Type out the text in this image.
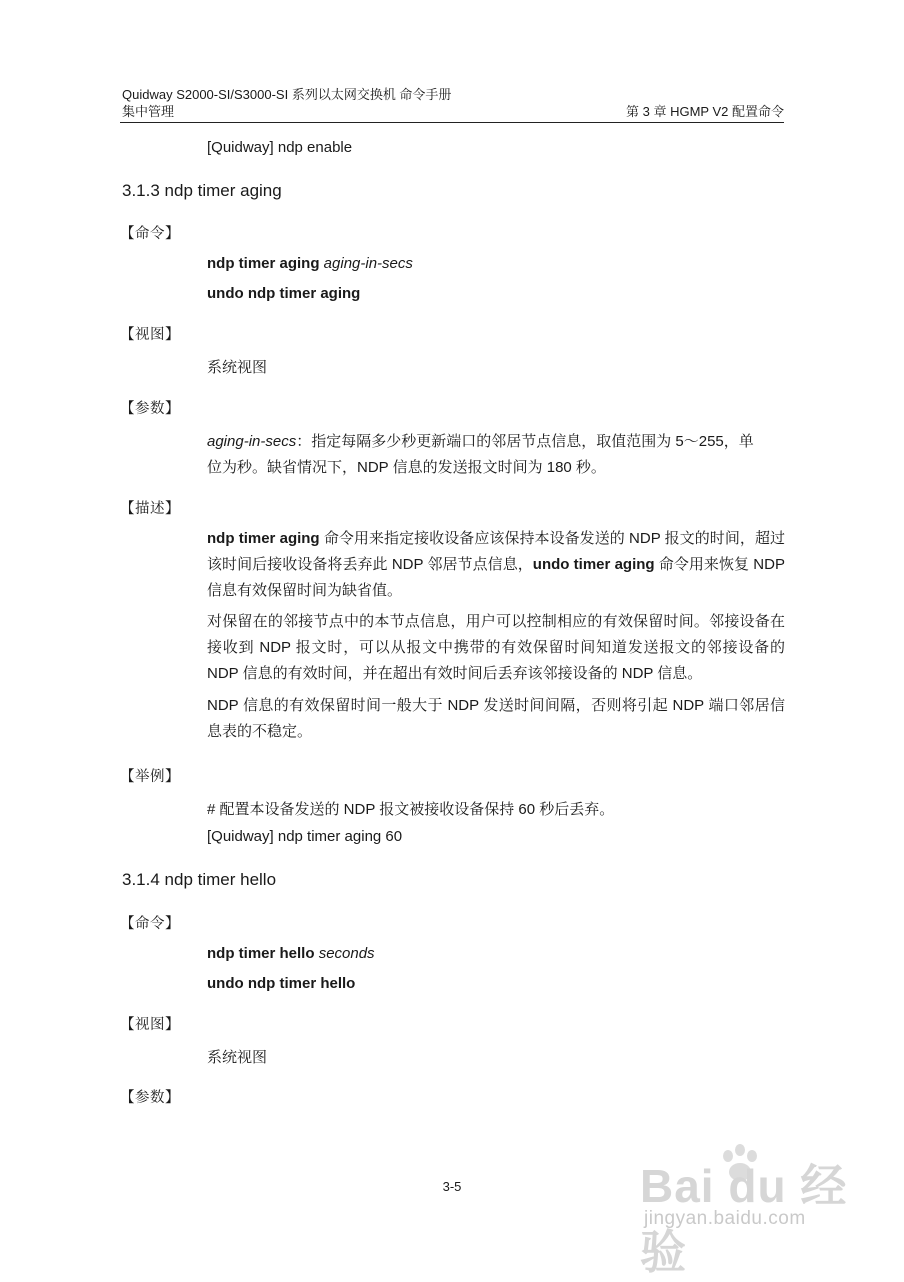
Quidway S2000-SI/S3000-SI 系列以太网交换机 命令手册
集中管理	第 3 章 HGMP V2 配置命令
[Quidway] ndp enable
3.1.3 ndp timer aging
【命令】
ndp timer aging aging-in-secs
undo ndp timer aging
【视图】
系统视图
【参数】
aging-in-secs：指定每隔多少秒更新端口的邻居节点信息，取值范围为 5～255，单
位为秒。缺省情况下，NDP 信息的发送报文时间为 180 秒。
【描述】
ndp timer aging 命令用来指定接收设备应该保持本设备发送的 NDP 报文的时间，超过该时间后接收设备将丢弃此 NDP 邻居节点信息，undo timer aging 命令用来恢复 NDP 信息有效保留时间为缺省值。
对保留在的邻接节点中的本节点信息，用户可以控制相应的有效保留时间。邻接设备在接收到 NDP 报文时，可以从报文中携带的有效保留时间知道发送报文的邻接设备的 NDP 信息的有效时间，并在超出有效时间后丢弃该邻接设备的 NDP 信息。
NDP 信息的有效保留时间一般大于 NDP 发送时间间隔，否则将引起 NDP 端口邻居信息表的不稳定。
【举例】
# 配置本设备发送的 NDP 报文被接收设备保持 60 秒后丢弃。
[Quidway] ndp timer aging 60
3.1.4 ndp timer hello
【命令】
ndp timer hello seconds
undo ndp timer hello
【视图】
系统视图
【参数】
3-5	Bai du 经验
jingyan.baidu.com
